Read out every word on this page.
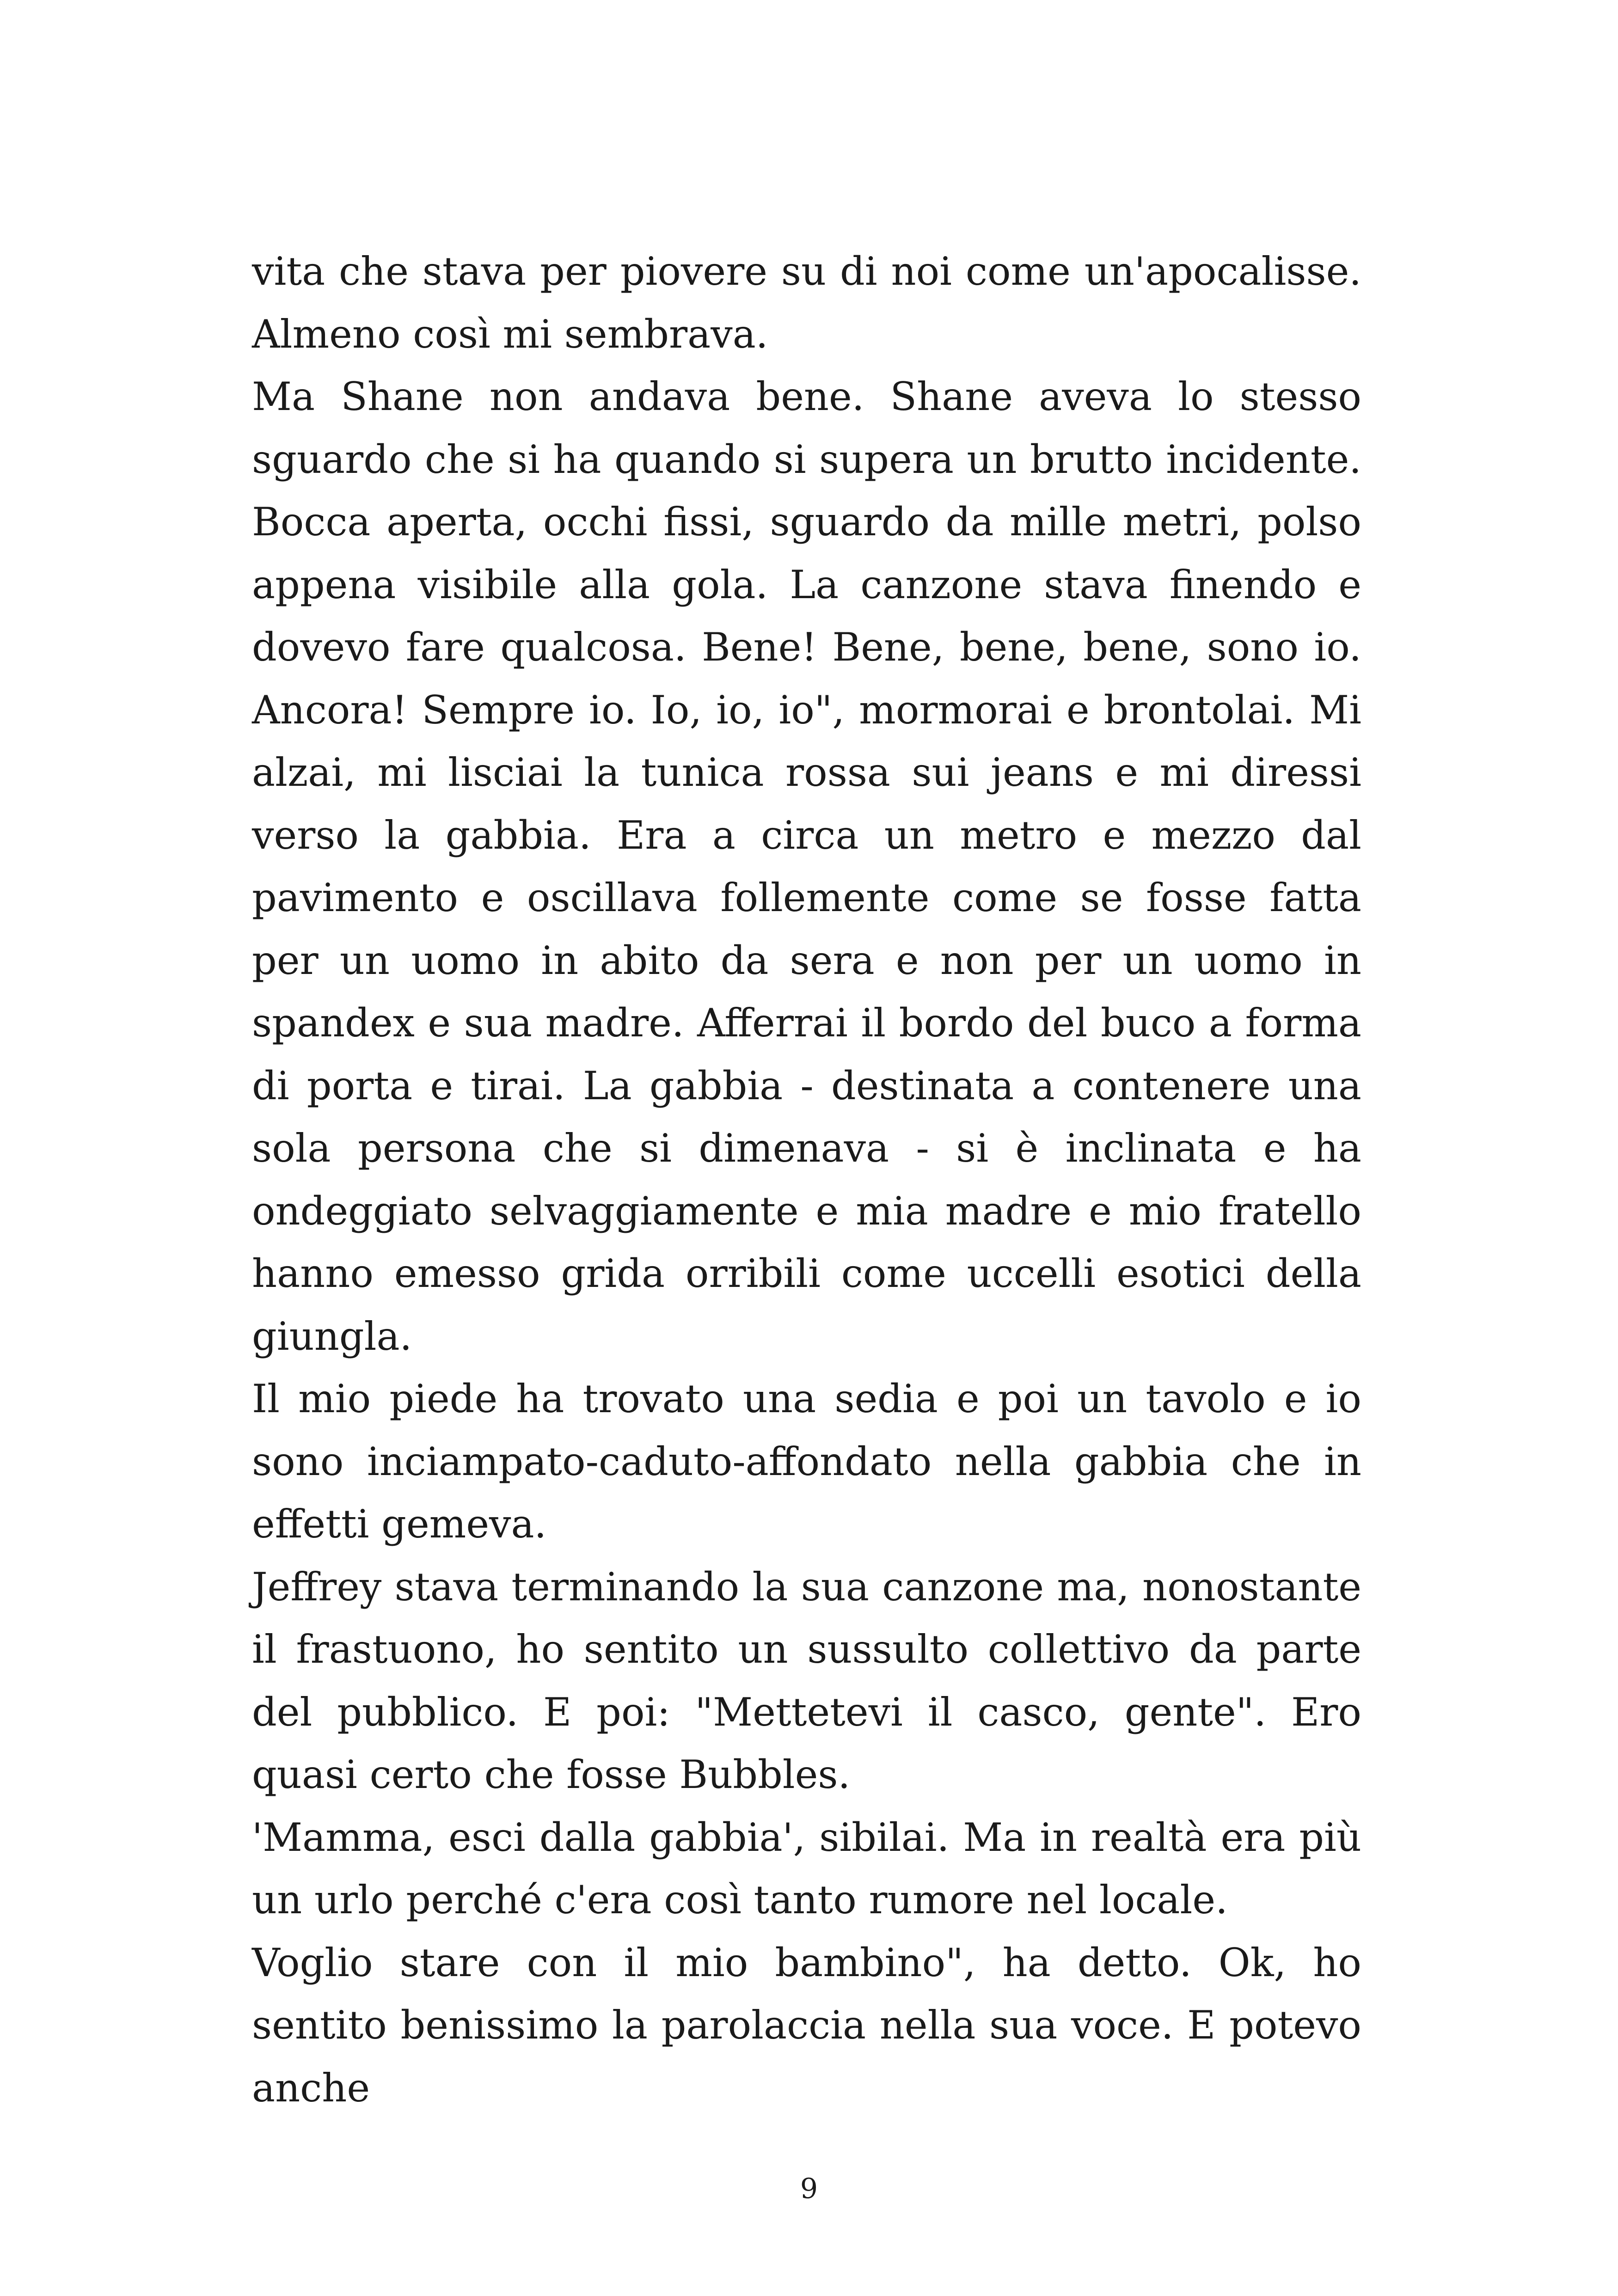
vita che stava per piovere su di noi come un'apocalisse. Almeno così mi sembrava.

Ma Shane non andava bene. Shane aveva lo stesso sguardo che si ha quando si supera un brutto incidente. Bocca aperta, occhi fissi, sguardo da mille metri, polso appena visibile alla gola. La canzone stava finendo e dovevo fare qualcosa. Bene! Bene, bene, bene, sono io. Ancora! Sempre io. Io, io, io", mormorai e brontolai. Mi alzai, mi lisciai la tunica rossa sui jeans e mi diressi verso la gabbia. Era a circa un metro e mezzo dal pavimento e oscillava follemente come se fosse fatta per un uomo in abito da sera e non per un uomo in spandex e sua madre. Afferrai il bordo del buco a forma di porta e tirai. La gabbia - destinata a contenere una sola persona che si dimenava - si è inclinata e ha ondeggiato selvaggiamente e mia madre e mio fratello hanno emesso grida orribili come uccelli esotici della giungla.

Il mio piede ha trovato una sedia e poi un tavolo e io sono inciampato-caduto-affondato nella gabbia che in effetti gemeva.

Jeffrey stava terminando la sua canzone ma, nonostante il frastuono, ho sentito un sussulto collettivo da parte del pubblico. E poi: "Mettetevi il casco, gente". Ero quasi certo che fosse Bubbles.

'Mamma, esci dalla gabbia', sibilai. Ma in realtà era più un urlo perché c'era così tanto rumore nel locale.

Voglio stare con il mio bambino", ha detto. Ok, ho sentito benissimo la parolaccia nella sua voce. E potevo anche

9
